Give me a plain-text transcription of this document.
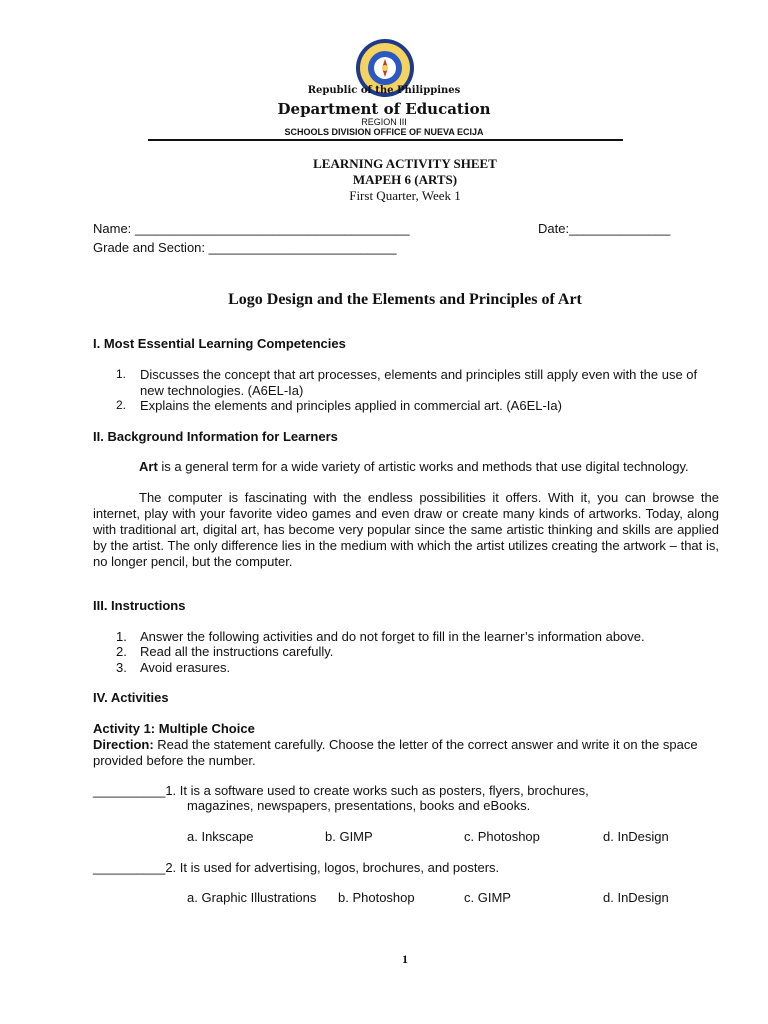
Republic of the Philippines
Department of Education
REGION III
SCHOOLS DIVISION OFFICE OF NUEVA ECIJA
LEARNING ACTIVITY SHEET
MAPEH 6 (ARTS)
First Quarter, Week 1
Name: ______________________________________	Date:______________
Grade and Section: __________________________
Logo Design and the Elements and Principles of Art
I. Most Essential Learning Competencies
1.	Discusses the concept that art processes, elements and principles still apply even with the use of new technologies. (A6EL-Ia)
2.	Explains the elements and principles applied in commercial art. (A6EL-Ia)
II. Background Information for Learners
Art is a general term for a wide variety of artistic works and methods that use digital technology.
The computer is fascinating with the endless possibilities it offers. With it, you can browse the internet, play with your favorite video games and even draw or create many kinds of artworks. Today, along with traditional art, digital art, has become very popular since the same artistic thinking and skills are applied by the artist. The only difference lies in the medium with which the artist utilizes creating the artwork – that is, no longer pencil, but the computer.
III. Instructions
1. Answer the following activities and do not forget to fill in the learner’s information above.
2. Read all the instructions carefully.
3. Avoid erasures.
IV. Activities
Activity 1: Multiple Choice
Direction: Read the statement carefully. Choose the letter of the correct answer and write it on the space provided before the number.
__________1. It is a software used to create works such as posters, flyers, brochures,
magazines, newspapers, presentations, books and eBooks.
a. Inkscape	b. GIMP	c. Photoshop	d. InDesign
__________2. It is used for advertising, logos, brochures, and posters.
a. Graphic Illustrations b. Photoshop	c. GIMP	d. InDesign
1
